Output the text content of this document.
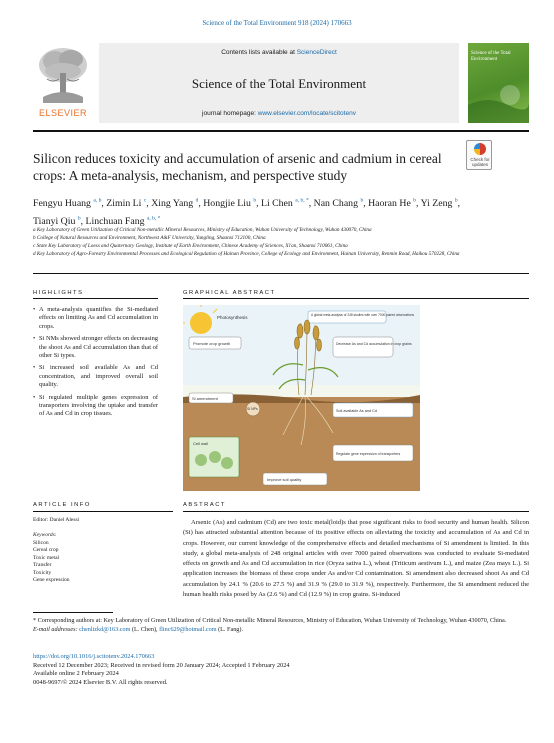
Science of the Total Environment 918 (2024) 170663
ELSEVIER
Contents lists available at ScienceDirect
Science of the Total Environment
journal homepage: www.elsevier.com/locate/scitotenv
Science of the Total Environment
Silicon reduces toxicity and accumulation of arsenic and cadmium in cereal crops: A meta-analysis, mechanism, and perspective study
Check for updates
Fengyu Huang $^{a, b}$, Zimin Li $^c$, Xing Yang $^d$, Hongjie Liu $^b$, Li Chen $^{a, b, *}$, Nan Chang $^b$, Haoran He $^b$, Yi Zeng $^b$, Tianyi Qiu $^b$, Linchuan Fang $^{a, b, *}$
a Key Laboratory of Green Utilization of Critical Non-metallic Mineral Resources, Ministry of Education, Wuhan University of Technology, Wuhan 430070, China
b College of Natural Resources and Environment, Northwest A&F University, Yangling, Shaanxi 712100, China
c State Key Laboratory of Loess and Quaternary Geology, Institute of Earth Environment, Chinese Academy of Sciences, Xi'an, Shaanxi 710061, China
d Key Laboratory of Agro-Forestry Environmental Processes and Ecological Regulation of Hainan Province, College of Ecology and Environment, Hainan University, Renmin Road, Haikou 570228, China
HIGHLIGHTS
• A meta-analysis quantifies the Si-mediated effects on limiting As and Cd accumulation in crops.
• Si NMs showed stronger effects on decreasing the shoot As and Cd accumulation than that of other Si types.
• Si increased soil available As and Cd concentration, and improved overall soil quality.
• Si regulated multiple genes expression of transporters involving the uptake and transfer of As and Cd in crop tissues.
GRAPHICAL ABSTRACT
Photosynthesis	A global meta-analysis of 248 studies with over 7000 paired observations
Promote crop growth	Decrease As and Cd accumulation in crop grains
Si amendment
Si NPs	Soil available As and Cd
Cell wall
Regulate gene expression of transporters
Improve soil quality
ARTICLE INFO
Editor: Daniel Alessi
Keywords:
Silicon
Cereal crop
Toxic metal
Transfer
Toxicity
Gene expression
ABSTRACT
Arsenic (As) and cadmium (Cd) are two toxic metal(loid)s that pose significant risks to food security and human health. Silicon (Si) has attracted substantial attention because of its positive effects on alleviating the toxicity and accumulation of As and Cd in crops. However, our current knowledge of the comprehensive effects and detailed mechanisms of Si amendment is limited. In this study, a global meta-analysis of 248 original articles with over 7000 paired observations was conducted to evaluate Si-mediated effects on growth and As and Cd accumulation in rice (Oryza sativa L.), wheat (Triticum aestivum L.), and maize (Zea mays L.). Si application increases the biomass of these crops under As and/or Cd contamination. Si amendment also decreased shoot As and Cd accumulation by 24.1 % (20.6 to 27.5 %) and 31.9 % (29.0 to 31.9 %), respectively. Furthermore, the Si amendment reduced the human health risks posed by As (2.6 %) and Cd (12.9 %) in crop grains. Si-induced
* Corresponding authors at: Key Laboratory of Green Utilization of Critical Non-metallic Mineral Resources, Ministry of Education, Wuhan University of Technology, Wuhan 430070, China.
E-mail addresses: chenlizkd@163.com (L. Chen), flinc629@hotmail.com (L. Fang).
https://doi.org/10.1016/j.scitotenv.2024.170663
Received 12 December 2023; Received in revised form 20 January 2024; Accepted 1 February 2024
Available online 2 February 2024
0048-9697/© 2024 Elsevier B.V. All rights reserved.
